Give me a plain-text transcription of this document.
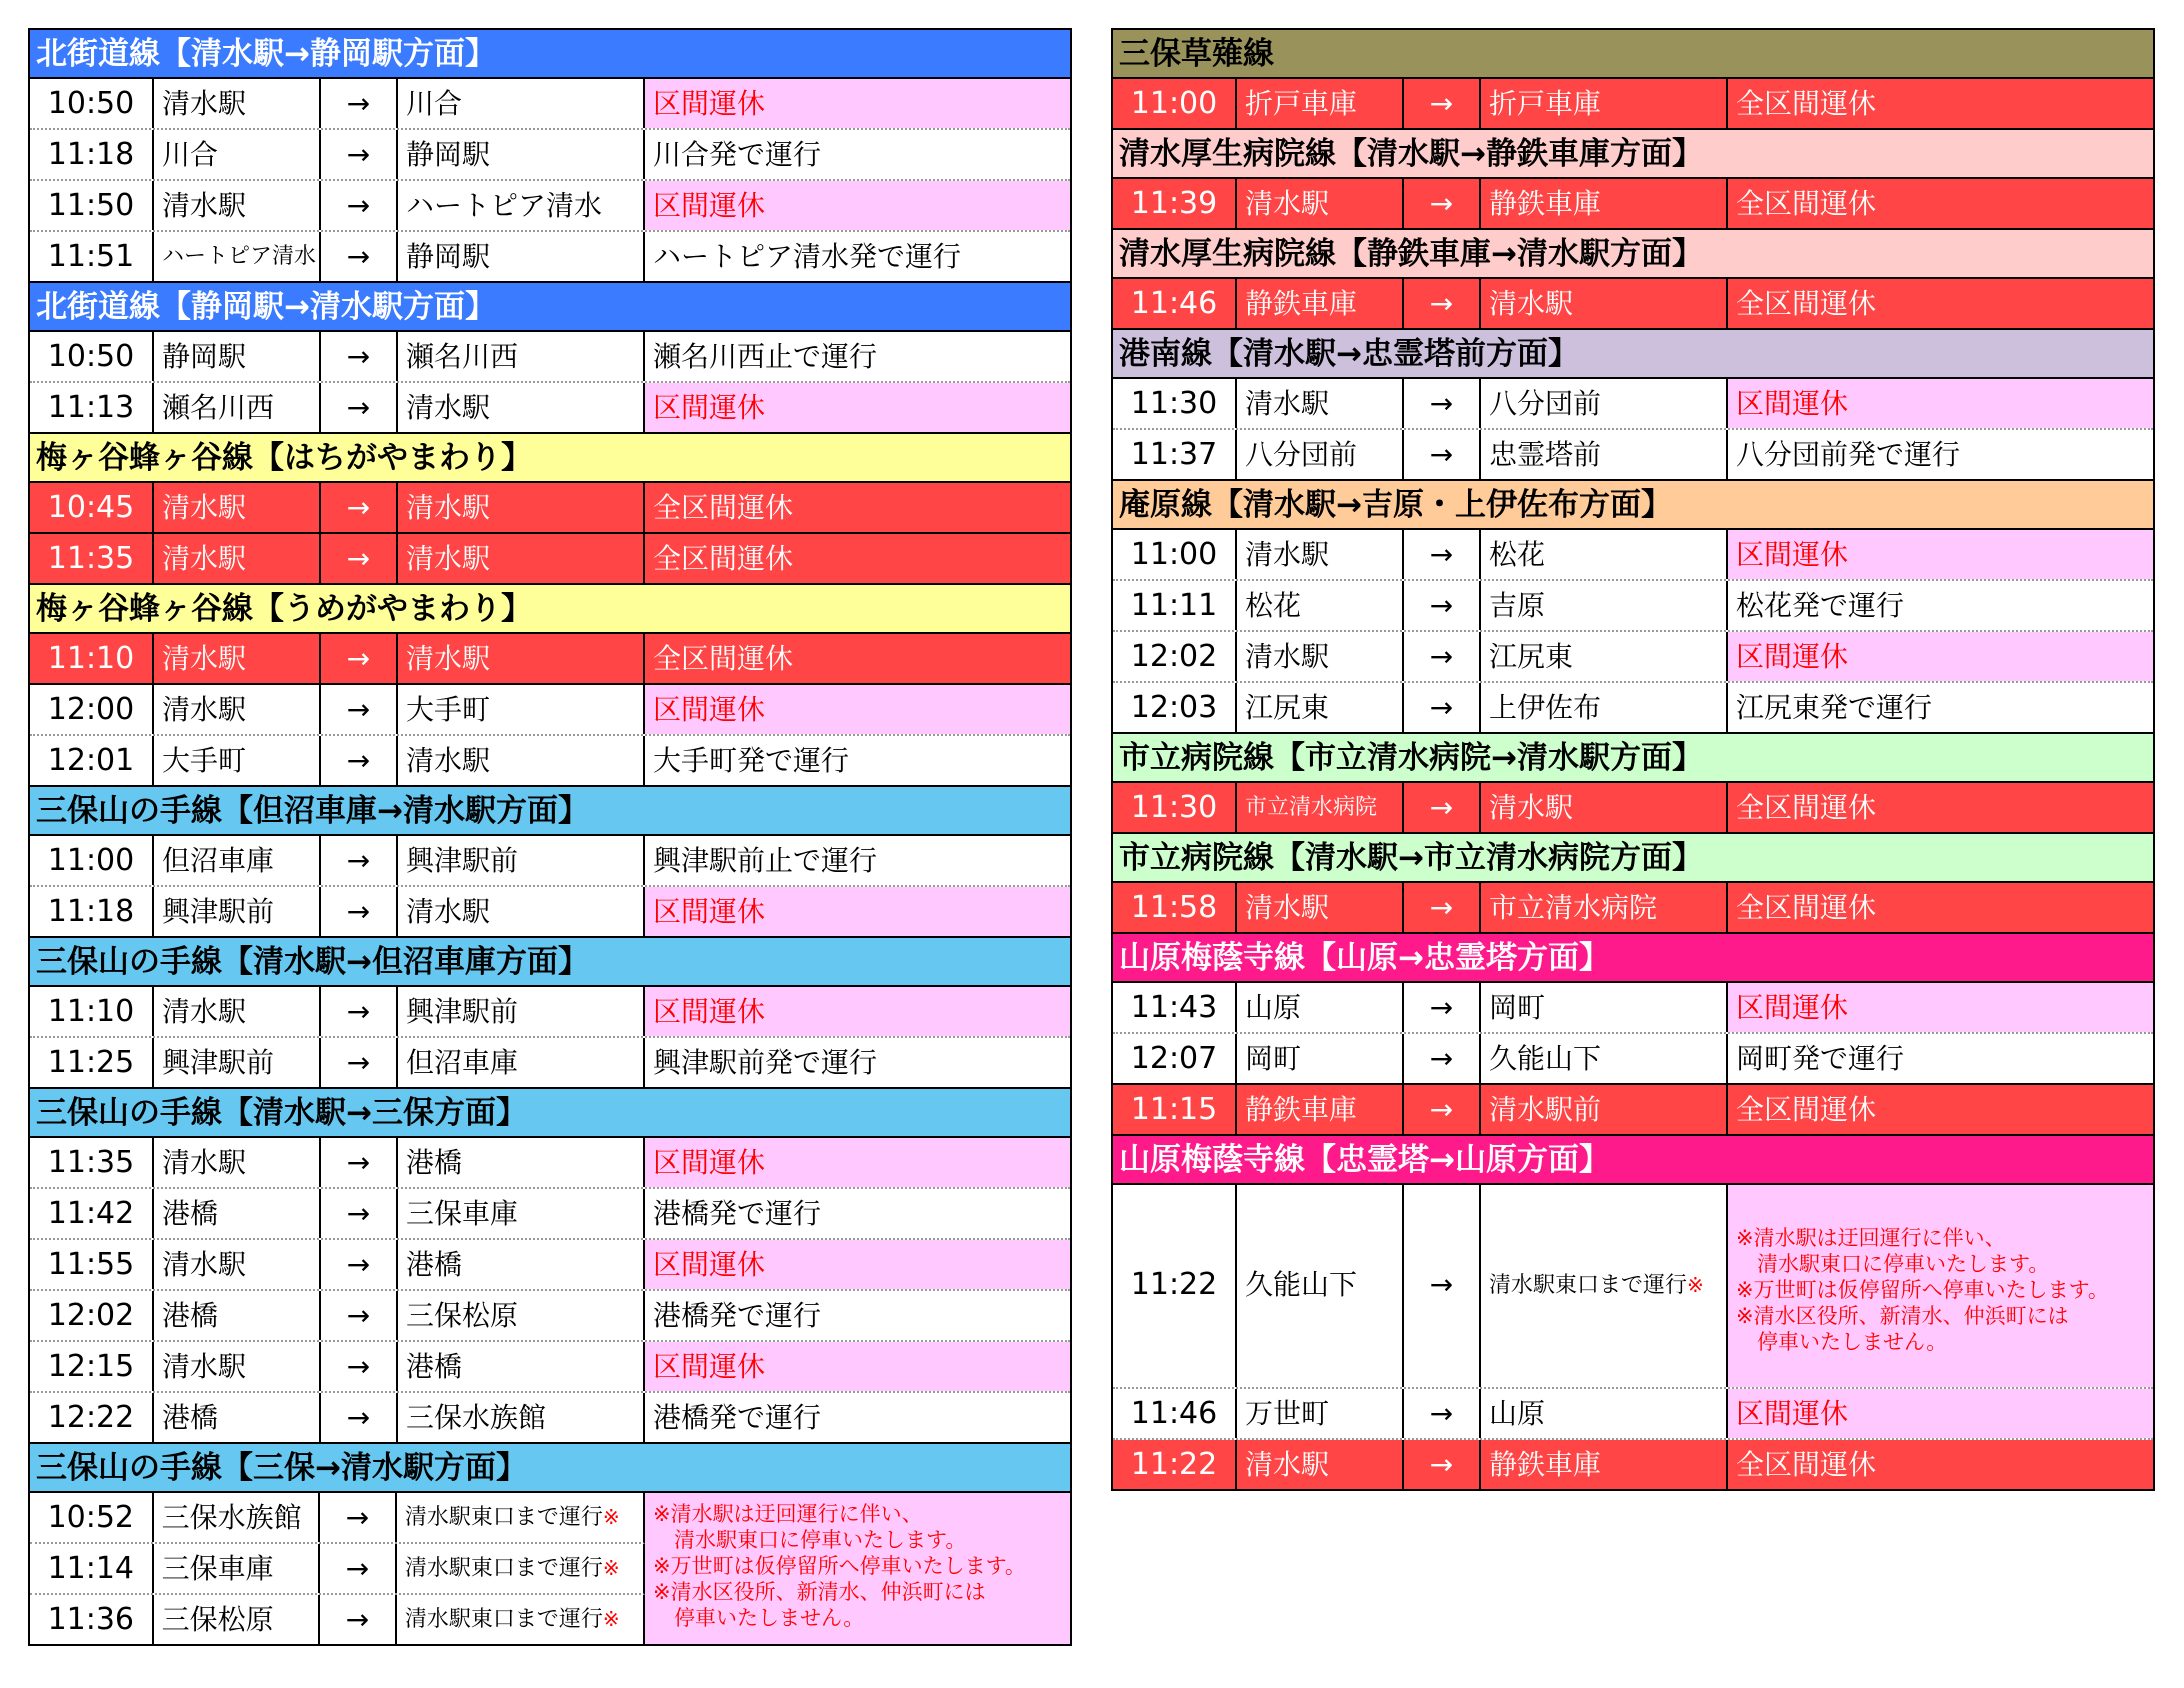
北街道線【清水駅→静岡駅方面】
10:50 清水駅	→	川合	区間運休
11:18 川合	→	静岡駅	川合発で運行
11:50 清水駅	→	ハートピア清水	区間運休
11:51	ハートピア清水	→	静岡駅	ハートピア清水発で運行
北街道線【静岡駅→清水駅方面】
10:50 静岡駅	→	瀬名川西	瀬名川西止で運行
11:13 瀬名川西	→	清水駅	区間運休
梅ヶ谷蜂ヶ谷線【はちがやまわり】
10:45 清水駅	→	清水駅	全区間運休
11:35 清水駅	→	清水駅	全区間運休
梅ヶ谷蜂ヶ谷線【うめがやまわり】
11:10 清水駅	→	清水駅	全区間運休
12:00 清水駅	→	大手町	区間運休
12:01 大手町	→	清水駅	大手町発で運行
三保山の手線【但沼車庫→清水駅方面】
11:00 但沼車庫	→	興津駅前	興津駅前止で運行
11:18 興津駅前	→	清水駅	区間運休
三保山の手線【清水駅→但沼車庫方面】
11:10 清水駅	→	興津駅前	区間運休
11:25 興津駅前	→	但沼車庫	興津駅前発で運行
三保山の手線【清水駅→三保方面】
11:35 清水駅	→	港橋	区間運休
11:42 港橋	→	三保車庫	港橋発で運行
11:55 清水駅	→	港橋	区間運休
12:02 港橋	→	三保松原	港橋発で運行
12:15 清水駅	→	港橋	区間運休
12:22 港橋	→	三保水族館	港橋発で運行
三保山の手線【三保→清水駅方面】
10:52 三保水族館	→	清水駅東口まで運行※
11:14 三保車庫	→	清水駅東口まで運行※
11:36 三保松原	→	清水駅東口まで運行※
※清水駅は迂回運行に伴い、
　清水駅東口に停車いたします。
※万世町は仮停留所へ停車いたします。
※清水区役所、新清水、仲浜町には
　停車いたしません。
三保草薙線
11:00 折戸車庫	→	折戸車庫	全区間運休
清水厚生病院線【清水駅→静鉄車庫方面】
11:39 清水駅	→	静鉄車庫	全区間運休
清水厚生病院線【静鉄車庫→清水駅方面】
11:46 静鉄車庫	→	清水駅	全区間運休
港南線【清水駅→忠霊塔前方面】
11:30 清水駅	→	八分団前	区間運休
11:37 八分団前	→	忠霊塔前	八分団前発で運行
庵原線【清水駅→吉原・上伊佐布方面】
11:00 清水駅	→	松花	区間運休
11:11 松花	→	吉原	松花発で運行
12:02 清水駅	→	江尻東	区間運休
12:03 江尻東	→	上伊佐布	江尻東発で運行
市立病院線【市立清水病院→清水駅方面】
11:30	市立清水病院	→	清水駅	全区間運休
市立病院線【清水駅→市立清水病院方面】
11:58 清水駅	→	市立清水病院	全区間運休
山原梅蔭寺線【山原→忠霊塔方面】
11:43 山原	→	岡町	区間運休
12:07 岡町	→	久能山下	岡町発で運行
11:15 静鉄車庫	→	清水駅前	全区間運休
山原梅蔭寺線【忠霊塔→山原方面】
11:22 久能山下	→	清水駅東口まで運行※
※清水駅は迂回運行に伴い、
　清水駅東口に停車いたします。
※万世町は仮停留所へ停車いたします。
※清水区役所、新清水、仲浜町には
　停車いたしません。
11:46 万世町	→	山原	区間運休
11:22 清水駅	→	静鉄車庫	全区間運休
